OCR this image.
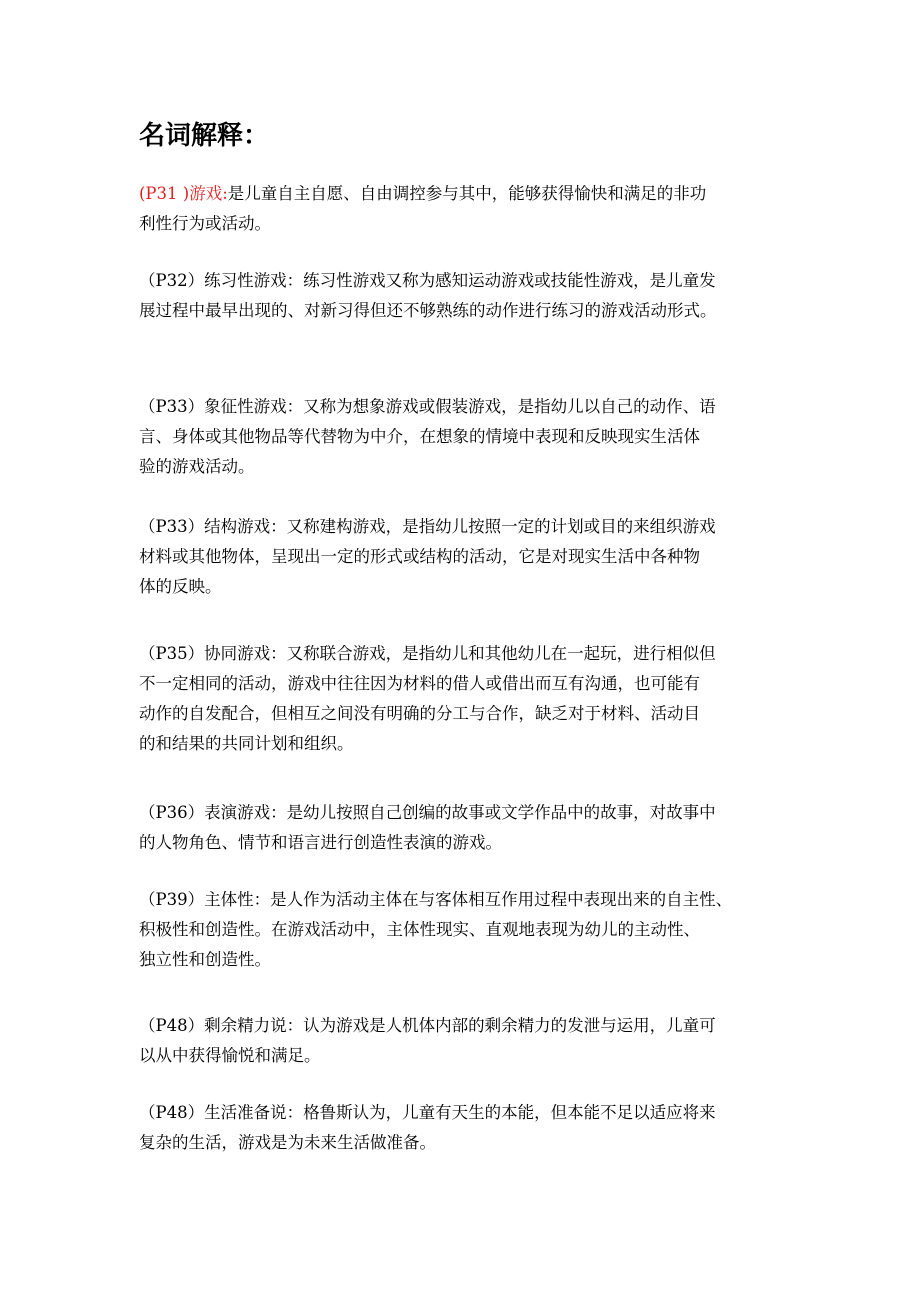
名词解释：

(P31 )游戏:是儿童自主自愿、自由调控参与其中，能够获得愉快和满足的非功
利性行为或活动。

（P32）练习性游戏：练习性游戏又称为感知运动游戏或技能性游戏，是儿童发
展过程中最早出现的、对新习得但还不够熟练的动作进行练习的游戏活动形式。

（P33）象征性游戏：又称为想象游戏或假装游戏，是指幼儿以自己的动作、语
言、身体或其他物品等代替物为中介，在想象的情境中表现和反映现实生活体
验的游戏活动。

（P33）结构游戏：又称建构游戏，是指幼儿按照一定的计划或目的来组织游戏
材料或其他物体，呈现出一定的形式或结构的活动，它是对现实生活中各种物
体的反映。

（P35）协同游戏：又称联合游戏，是指幼儿和其他幼儿在一起玩，进行相似但
不一定相同的活动，游戏中往往因为材料的借人或借出而互有沟通，也可能有
动作的自发配合，但相互之间没有明确的分工与合作，缺乏对于材料、活动目
的和结果的共同计划和组织。

（P36）表演游戏：是幼儿按照自己创编的故事或文学作品中的故事，对故事中
的人物角色、情节和语言进行创造性表演的游戏。

（P39）主体性：是人作为活动主体在与客体相互作用过程中表现出来的自主性、
积极性和创造性。在游戏活动中，主体性现实、直观地表现为幼儿的主动性、
独立性和创造性。

（P48）剩余精力说：认为游戏是人机体内部的剩余精力的发泄与运用，儿童可
以从中获得愉悦和满足。

（P48）生活准备说：格鲁斯认为，儿童有天生的本能，但本能不足以适应将来
复杂的生活，游戏是为未来生活做准备。
